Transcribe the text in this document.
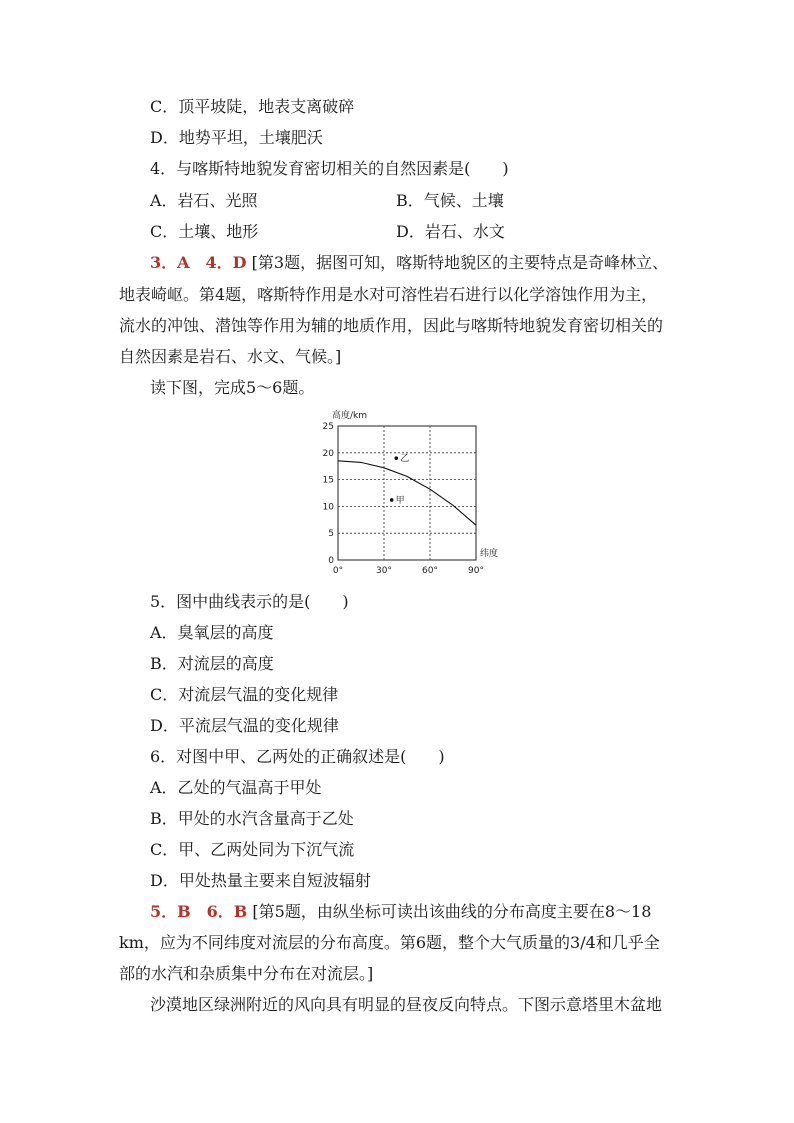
C．顶平坡陡，地表支离破碎
D．地势平坦，土壤肥沃
4．与喀斯特地貌发育密切相关的自然因素是(　　)
A．岩石、光照	B．气候、土壤
C．土壤、地形	D．岩石、水文
3．A　4．D [第3题，据图可知，喀斯特地貌区的主要特点是奇峰林立、
地表崎岖。第4题，喀斯特作用是水对可溶性岩石进行以化学溶蚀作用为主，
流水的冲蚀、潜蚀等作用为辅的地质作用，因此与喀斯特地貌发育密切相关的
自然因素是岩石、水文、气候。]
读下图，完成5～6题。
0
5
10
15
20
25
0°	30°	60°	90°
高度/km
纬度
乙
甲
5．图中曲线表示的是(　　)
A．臭氧层的高度
B．对流层的高度
C．对流层气温的变化规律
D．平流层气温的变化规律
6．对图中甲、乙两处的正确叙述是(　　)
A．乙处的气温高于甲处
B．甲处的水汽含量高于乙处
C．甲、乙两处同为下沉气流
D．甲处热量主要来自短波辐射
5．B　6．B [第5题，由纵坐标可读出该曲线的分布高度主要在8～18
km，应为不同纬度对流层的分布高度。第6题，整个大气质量的3/4和几乎全
部的水汽和杂质集中分布在对流层。]
沙漠地区绿洲附近的风向具有明显的昼夜反向特点。下图示意塔里木盆地
